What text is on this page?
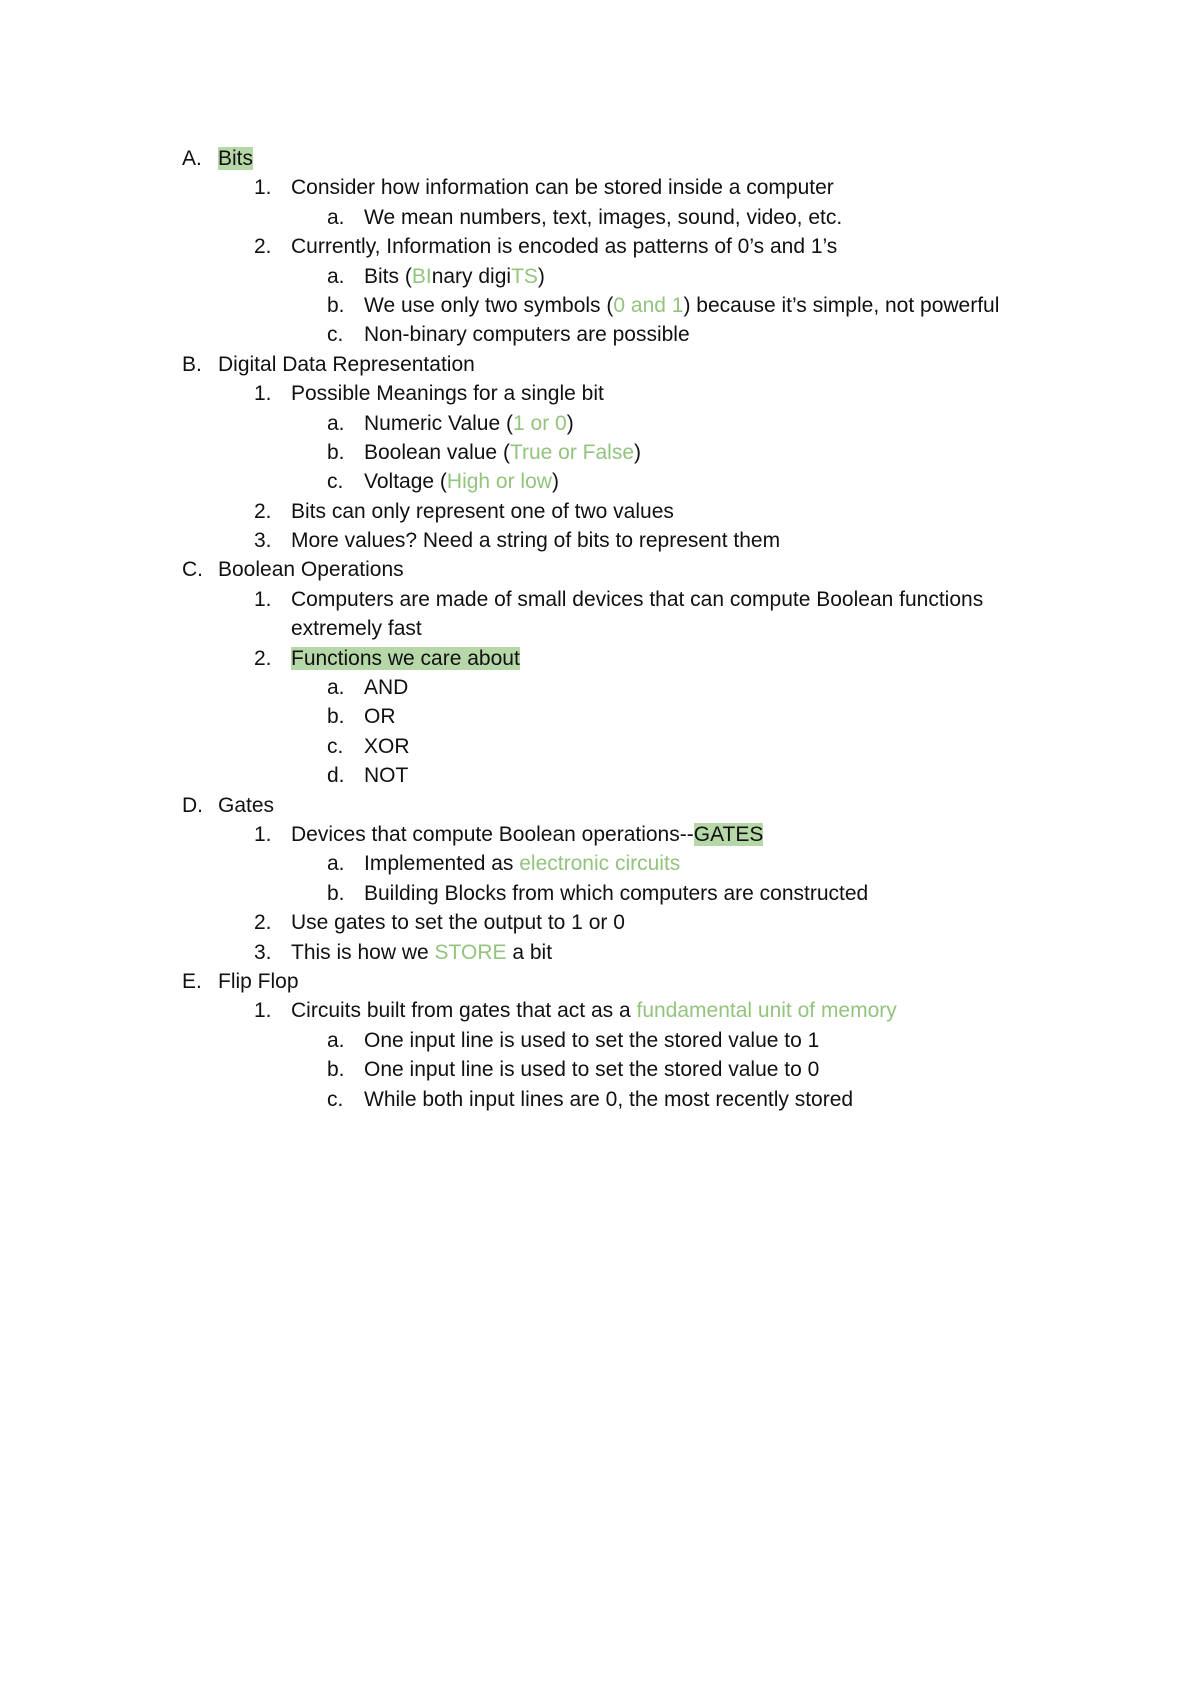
A. Bits
1. Consider how information can be stored inside a computer
a. We mean numbers, text, images, sound, video, etc.
2. Currently, Information is encoded as patterns of 0’s and 1’s
a. Bits (BInary digiTS)
b. We use only two symbols (0 and 1) because it’s simple, not powerful
c. Non-binary computers are possible
B. Digital Data Representation
1. Possible Meanings for a single bit
a. Numeric Value (1 or 0)
b. Boolean value (True or False)
c. Voltage (High or low)
2. Bits can only represent one of two values
3. More values? Need a string of bits to represent them
C. Boolean Operations
1. Computers are made of small devices that can compute Boolean functions
extremely fast
2. Functions we care about
a. AND
b. OR
c. XOR
d. NOT
D. Gates
1. Devices that compute Boolean operations--GATES
a. Implemented as electronic circuits
b. Building Blocks from which computers are constructed
2. Use gates to set the output to 1 or 0
3. This is how we STORE a bit
E. Flip Flop
1. Circuits built from gates that act as a fundamental unit of memory
a. One input line is used to set the stored value to 1
b. One input line is used to set the stored value to 0
c. While both input lines are 0, the most recently stored
